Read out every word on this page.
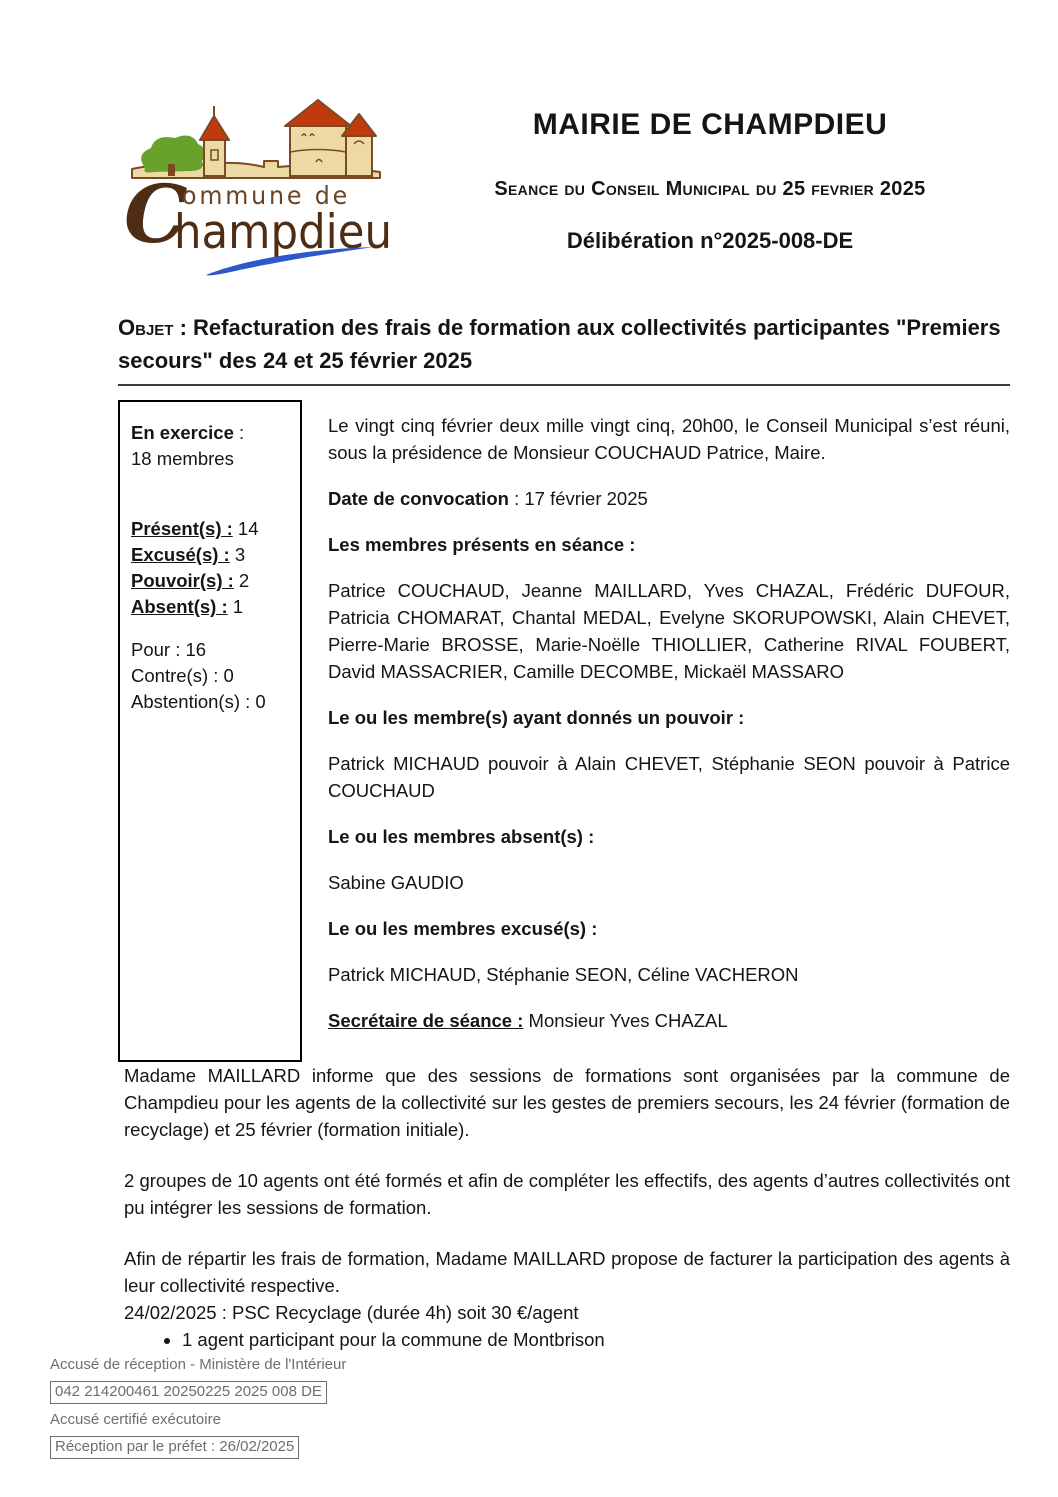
C
ommune de
hampdieu
MAIRIE DE CHAMPDIEU
Seance du Conseil Municipal du 25 fevrier 2025
Délibération n°2025-008-DE
Objet : Refacturation des frais de formation aux collectivités participantes "Premiers secours" des 24 et 25 février 2025
En exercice :
18 membres
Présent(s) : 14
Excusé(s) : 3
Pouvoir(s) : 2
Absent(s) : 1
Pour : 16
Contre(s) : 0
Abstention(s) : 0

Le vingt cinq février deux mille vingt cinq, 20h00, le Conseil Municipal s’est réuni, sous la présidence de Monsieur COUCHAUD Patrice, Maire.

Date de convocation : 17 février 2025

Les membres présents en séance :

Patrice COUCHAUD, Jeanne MAILLARD, Yves CHAZAL, Frédéric DUFOUR, Patricia CHOMARAT, Chantal MEDAL, Evelyne SKORUPOWSKI, Alain CHEVET, Pierre-Marie BROSSE, Marie-Noëlle THIOLLIER, Catherine RIVAL FOUBERT, David MASSACRIER, Camille DECOMBE, Mickaël MASSARO

Le ou les membre(s) ayant donnés un pouvoir :

Patrick MICHAUD pouvoir à Alain CHEVET, Stéphanie SEON pouvoir à Patrice COUCHAUD

Le ou les membres absent(s) :

Sabine GAUDIO

Le ou les membres excusé(s) :

Patrick MICHAUD, Stéphanie SEON, Céline VACHERON

Secrétaire de séance : Monsieur Yves CHAZAL

Madame MAILLARD informe que des sessions de formations sont organisées par la commune de Champdieu pour les agents de la collectivité sur les gestes de premiers secours, les 24 février (formation de recyclage) et 25 février (formation initiale).

2 groupes de 10 agents ont été formés et afin de compléter les effectifs, des agents d’autres collectivités ont pu intégrer les sessions de formation.

Afin de répartir les frais de formation, Madame MAILLARD propose de facturer la participation des agents à leur collectivité respective.

24/02/2025 : PSC Recyclage (durée 4h) soit 30 €/agent

• 1 agent participant pour la commune de Montbrison
Accusé de réception - Ministère de l'Intérieur
042 214200461 20250225 2025 008 DE
Accusé certifié exécutoire
Réception par le préfet : 26/02/2025
